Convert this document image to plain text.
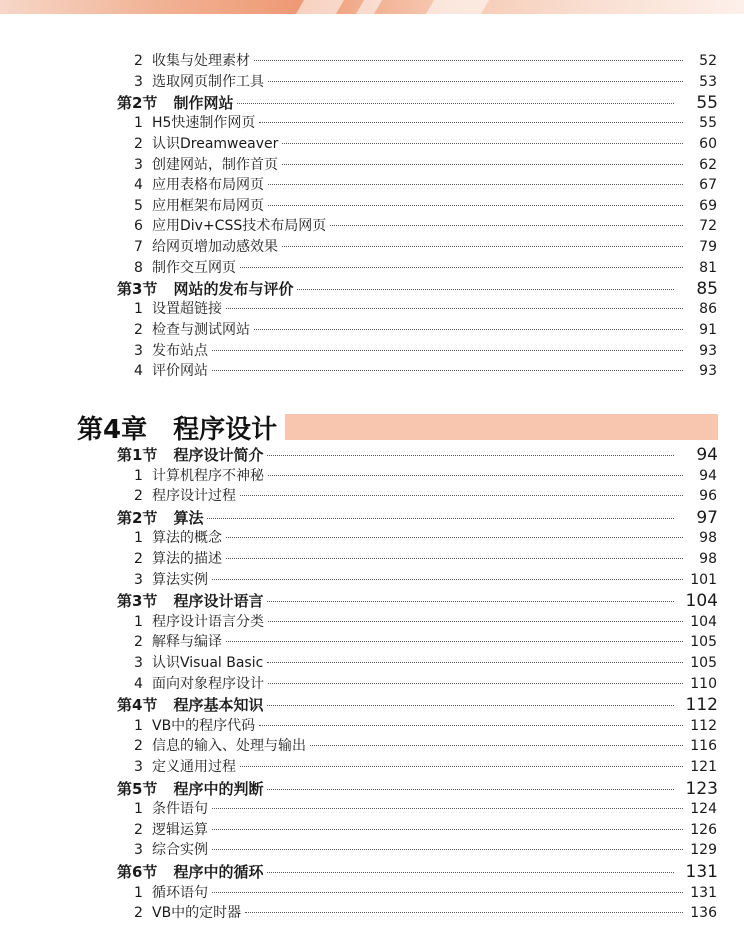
2 收集与处理素材	52
3 选取网页制作工具	53
第2节 制作网站	55
1 H5快速制作网页	55
2 认识Dreamweaver	60
3 创建网站，制作首页	62
4 应用表格布局网页	67
5 应用框架布局网页	69
6 应用Div+CSS技术布局网页	72
7 给网页增加动感效果	79
8 制作交互网页	81
第3节 网站的发布与评价	85
1 设置超链接	86
2 检查与测试网站	91
3 发布站点	93
4 评价网站	93
第4章 程序设计
第1节 程序设计简介	94
1 计算机程序不神秘	94
2 程序设计过程	96
第2节 算法	97
1 算法的概念	98
2 算法的描述	98
3 算法实例	101
第3节 程序设计语言	104
1 程序设计语言分类	104
2 解释与编译	105
3 认识Visual Basic	105
4 面向对象程序设计	110
第4节 程序基本知识	112
1 VB中的程序代码	112
2 信息的输入、处理与输出	116
3 定义通用过程	121
第5节 程序中的判断	123
1 条件语句	124
2 逻辑运算	126
3 综合实例	129
第6节 程序中的循环	131
1 循环语句	131
2 VB中的定时器	136
